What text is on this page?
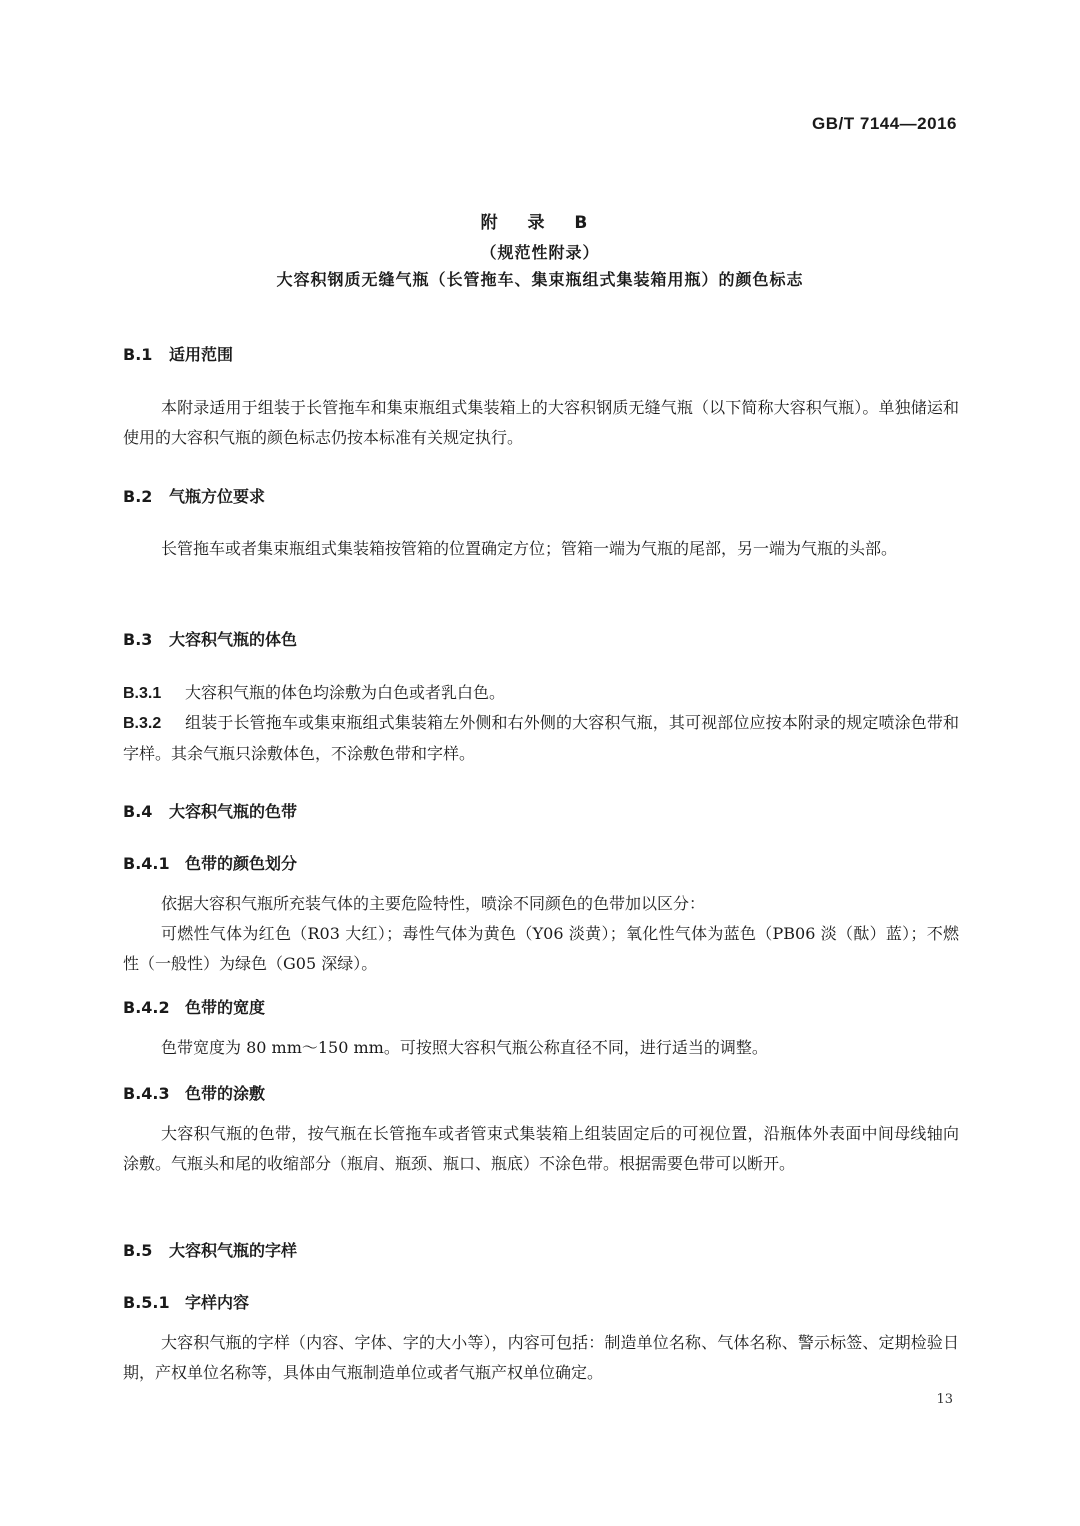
GB/T 7144—2016
附 录 B
（规范性附录）
大容积钢质无缝气瓶（长管拖车、集束瓶组式集装箱用瓶）的颜色标志
B.1 适用范围

本附录适用于组装于长管拖车和集束瓶组式集装箱上的大容积钢质无缝气瓶（以下简称大容积气瓶）。单独储运和使用的大容积气瓶的颜色标志仍按本标准有关规定执行。

B.2 气瓶方位要求

长管拖车或者集束瓶组式集装箱按管箱的位置确定方位；管箱一端为气瓶的尾部，另一端为气瓶的头部。

B.3 大容积气瓶的体色

B.3.1 大容积气瓶的体色均涂敷为白色或者乳白色。

B.3.2 组装于长管拖车或集束瓶组式集装箱左外侧和右外侧的大容积气瓶，其可视部位应按本附录的规定喷涂色带和字样。其余气瓶只涂敷体色，不涂敷色带和字样。

B.4 大容积气瓶的色带
B.4.1 色带的颜色划分

依据大容积气瓶所充装气体的主要危险特性，喷涂不同颜色的色带加以区分：

可燃性气体为红色（R03 大红）；毒性气体为黄色（Y06 淡黄）；氧化性气体为蓝色（PB06 淡（酞）蓝）；不燃性（一般性）为绿色（G05 深绿）。

B.4.2 色带的宽度

色带宽度为 80 mm～150 mm。可按照大容积气瓶公称直径不同，进行适当的调整。

B.4.3 色带的涂敷

大容积气瓶的色带，按气瓶在长管拖车或者管束式集装箱上组装固定后的可视位置，沿瓶体外表面中间母线轴向涂敷。气瓶头和尾的收缩部分（瓶肩、瓶颈、瓶口、瓶底）不涂色带。根据需要色带可以断开。

B.5 大容积气瓶的字样
B.5.1 字样内容

大容积气瓶的字样（内容、字体、字的大小等），内容可包括：制造单位名称、气体名称、警示标签、定期检验日期，产权单位名称等，具体由气瓶制造单位或者气瓶产权单位确定。

13
